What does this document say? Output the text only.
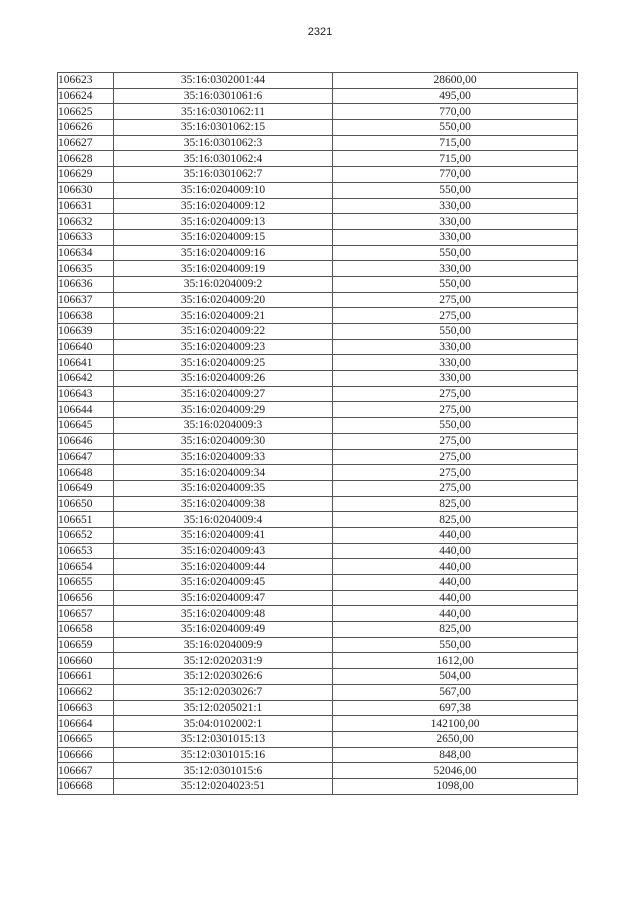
2321
106623	35:16:0302001:44	28600,00
106624	35:16:0301061:6	495,00
106625	35:16:0301062:11	770,00
106626	35:16:0301062:15	550,00
106627	35:16:0301062:3	715,00
106628	35:16:0301062:4	715,00
106629	35:16:0301062:7	770,00
106630	35:16:0204009:10	550,00
106631	35:16:0204009:12	330,00
106632	35:16:0204009:13	330,00
106633	35:16:0204009:15	330,00
106634	35:16:0204009:16	550,00
106635	35:16:0204009:19	330,00
106636	35:16:0204009:2	550,00
106637	35:16:0204009:20	275,00
106638	35:16:0204009:21	275,00
106639	35:16:0204009:22	550,00
106640	35:16:0204009:23	330,00
106641	35:16:0204009:25	330,00
106642	35:16:0204009:26	330,00
106643	35:16:0204009:27	275,00
106644	35:16:0204009:29	275,00
106645	35:16:0204009:3	550,00
106646	35:16:0204009:30	275,00
106647	35:16:0204009:33	275,00
106648	35:16:0204009:34	275,00
106649	35:16:0204009:35	275,00
106650	35:16:0204009:38	825,00
106651	35:16:0204009:4	825,00
106652	35:16:0204009:41	440,00
106653	35:16:0204009:43	440,00
106654	35:16:0204009:44	440,00
106655	35:16:0204009:45	440,00
106656	35:16:0204009:47	440,00
106657	35:16:0204009:48	440,00
106658	35:16:0204009:49	825,00
106659	35:16:0204009:9	550,00
106660	35:12:0202031:9	1612,00
106661	35:12:0203026:6	504,00
106662	35:12:0203026:7	567,00
106663	35:12:0205021:1	697,38
106664	35:04:0102002:1	142100,00
106665	35:12:0301015:13	2650,00
106666	35:12:0301015:16	848,00
106667	35:12:0301015:6	52046,00
106668	35:12:0204023:51	1098,00
